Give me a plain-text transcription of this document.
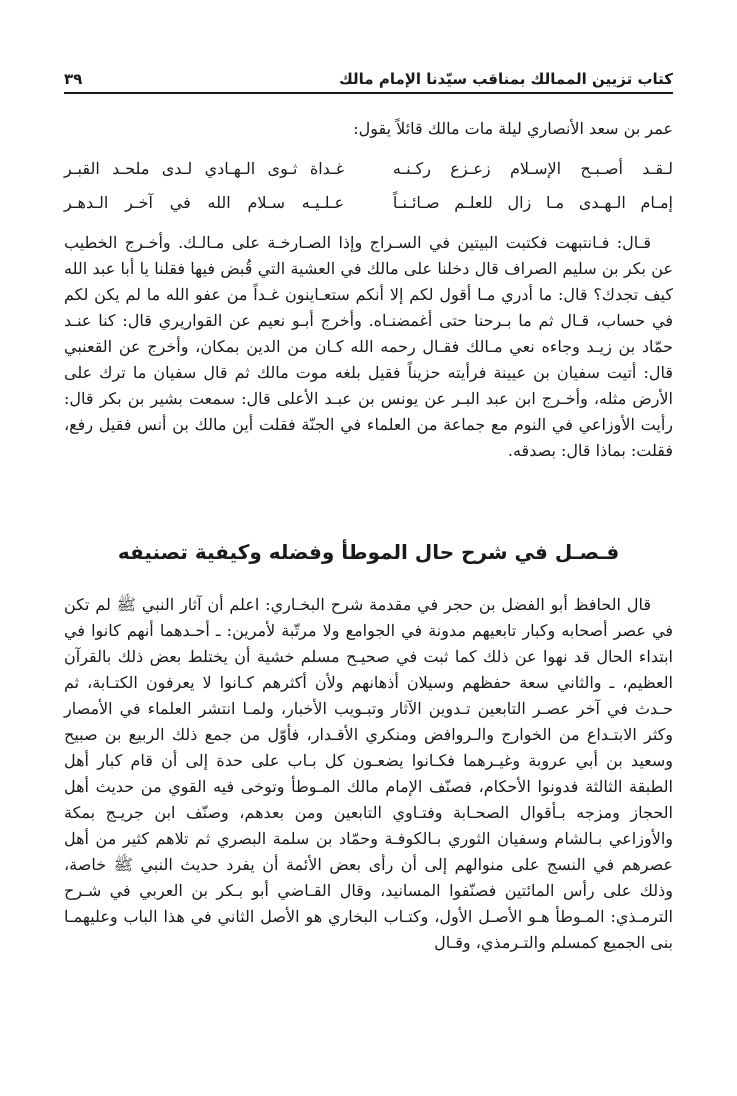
كتاب تزيين الممالك بمناقب سيّدنا الإمام مالك
٣٩

عمر بن سعد الأنصاري ليلة مات مالك قائلاً يقول:

لـقـد أصـبـح الإسـلام زعـزع ركـنـه
غـداة ثـوى الـهـادي لـدى ملحـد القبـر
إمـام الـهـدى مـا زال للعلـم صـائـنـاً
عـلـيـه سـلام الله في آخـر الـدهـر

قـال: فـانتبهت فكتبت البيتين في السـراج وإذا الصـارخـة على مـالـك. وأخـرج الخطيب عن بكر بن سليم الصراف قال دخلنا على مالك في العشية التي قُبض فيها فقلنا يا أبا عبد الله كيف تجدك؟ قال: ما أدري مـا أقول لكم إلا أنكم ستعـاينون غـداً من عفو الله ما لم يكن لكم في حساب، قـال ثم ما بـرحنا حتى أغمضنـاه. وأخرج أبـو نعيم عن القواريري قال: كنا عنـد حمّاد بن زيـد وجاءه نعي مـالك فقـال رحمه الله كـان من الدين بمكان، وأخرج عن القعنبي قال: أتيت سفيان بن عيينة فرأيته حزيناً فقيل بلغه موت مالك ثم قال سفيان ما ترك على الأرض مثله، وأخـرج ابن عبد البـر عن يونس بن عبـد الأعلى قال: سمعت بشير بن بكر قال: رأيت الأوزاعي في النوم مع جماعة من العلماء في الجنّة فقلت أين مالك بن أنس فقيل رفع، فقلت: بماذا قال: بصدقه.

فـصـل في شرح حال الموطأ وفضله وكيفية تصنيفه

قال الحافظ أبو الفضل بن حجر في مقدمة شرح البخـاري: اعلم أن آثار النبي ﷺ لم تكن في عصر أصحابه وكبار تابعيهم مدونة في الجوامع ولا مرتّبة لأمرين: ـ أحـدهما أنهم كانوا في ابتداء الحال قد نهوا عن ذلك كما ثبت في صحيـح مسلم خشية أن يختلط بعض ذلك بالقرآن العظيم، ـ والثاني سعة حفظهم وسيلان أذهانهم ولأن أكثرهم كـانوا لا يعرفون الكتـابة، ثم حـدث في آخر عصـر التابعين تـدوين الآثار وتبـويب الأخبار، ولمـا انتشر العلماء في الأمصار وكثر الابتـداع من الخوارج والـروافض ومنكري الأقـدار، فأوّل من جمع ذلك الربيع بن صبيح وسعيد بن أبي عروبة وغيـرهما فكـانوا يضعـون كل بـاب على حدة إلى أن قام كبار أهل الطبقة الثالثة فدونوا الأحكام، فصنّف الإمام مالك المـوطأ وتوخى فيه القوي من حديث أهل الحجاز ومزجه بـأقوال الصحـابة وفتـاوي التابعين ومن بعدهم، وصنّف ابن جريـج بمكة والأوزاعي بـالشام وسفيان الثوري بـالكوفـة وحمّاد بن سلمة البصري ثم تلاهم كثير من أهل عصرهم في النسج على منوالهم إلى أن رأى بعض الأئمة أن يفرد حديث النبي ﷺ خاصة، وذلك على رأس المائتين فصنّفوا المسانيد، وقال القـاضي أبو بـكر بن العربي في شـرح الترمـذي: المـوطأ هـو الأصـل الأول، وكتـاب البخاري هو الأصل الثاني في هذا الباب وعليهمـا بنى الجميع كمسلم والتـرمذي، وقـال
